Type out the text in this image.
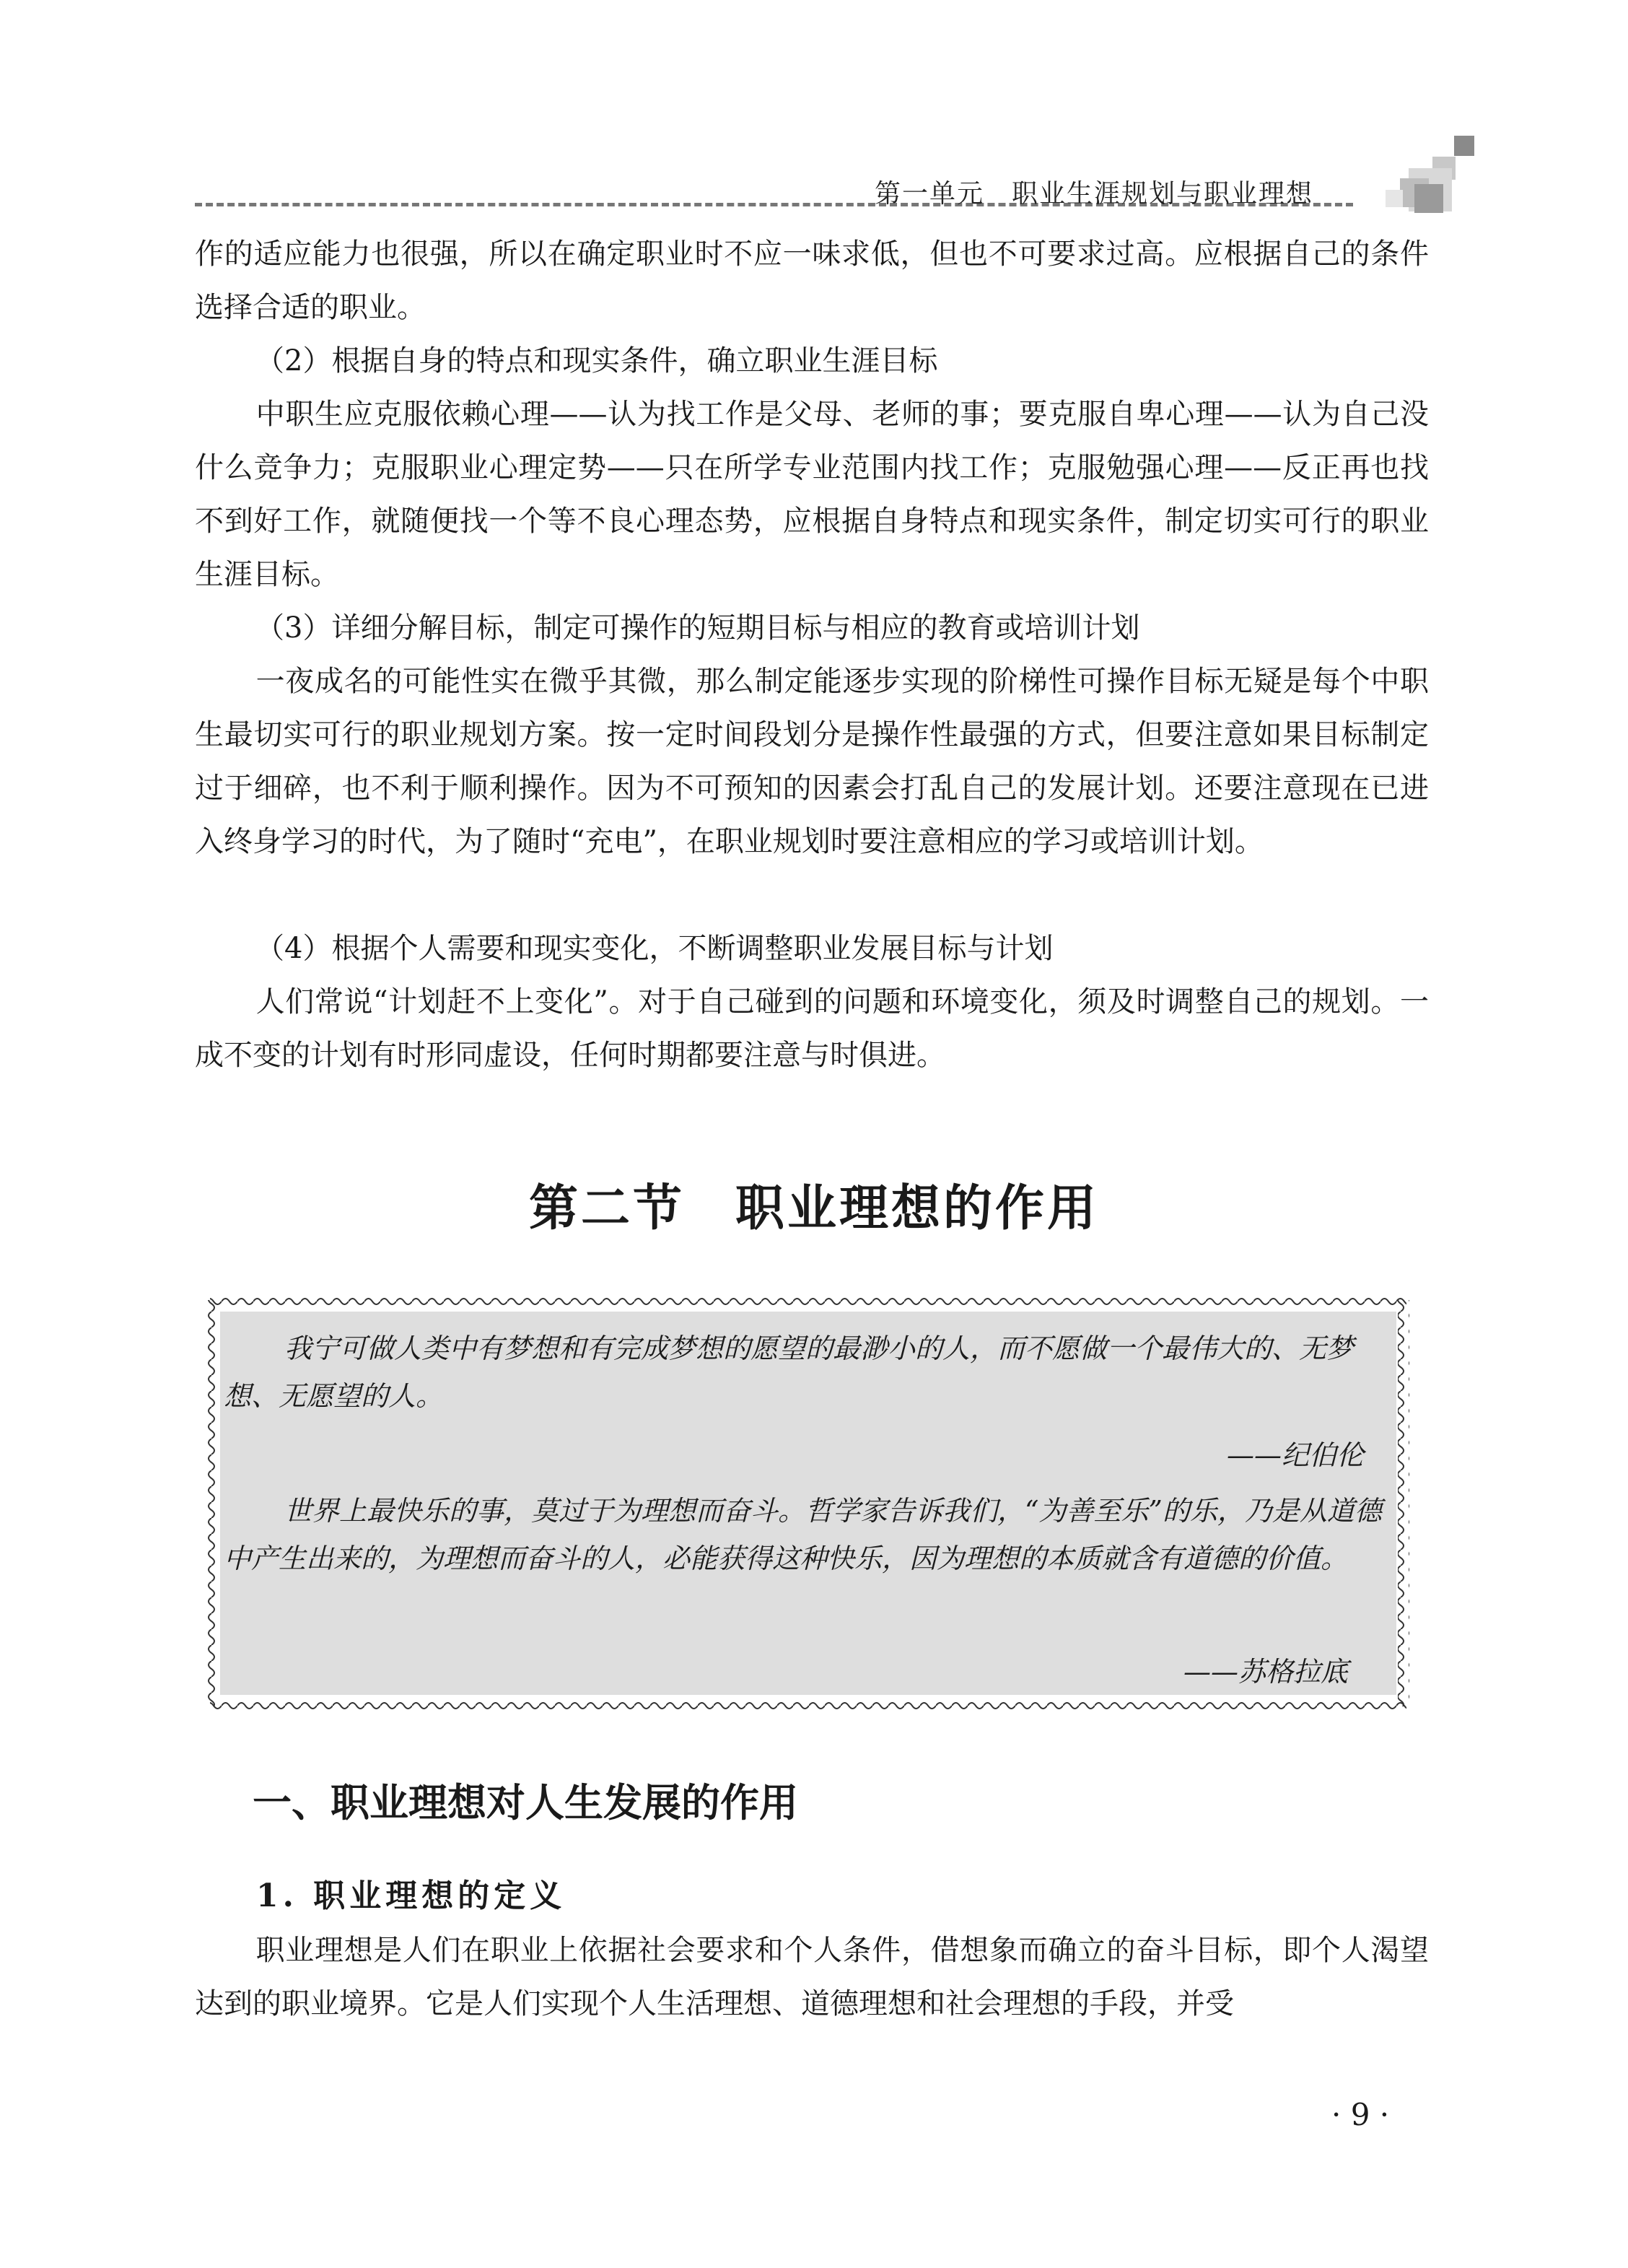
第一单元　职业生涯规划与职业理想
作的适应能力也很强，所以在确定职业时不应一味求低，但也不可要求过高。应根据自己的条件选择合适的职业。
（2）根据自身的特点和现实条件，确立职业生涯目标
中职生应克服依赖心理——认为找工作是父母、老师的事；要克服自卑心理——认为自己没什么竞争力；克服职业心理定势——只在所学专业范围内找工作；克服勉强心理——反正再也找不到好工作，就随便找一个等不良心理态势，应根据自身特点和现实条件，制定切实可行的职业生涯目标。
（3）详细分解目标，制定可操作的短期目标与相应的教育或培训计划
一夜成名的可能性实在微乎其微，那么制定能逐步实现的阶梯性可操作目标无疑是每个中职生最切实可行的职业规划方案。按一定时间段划分是操作性最强的方式，但要注意如果目标制定过于细碎，也不利于顺利操作。因为不可预知的因素会打乱自己的发展计划。还要注意现在已进入终身学习的时代，为了随时“充电”，在职业规划时要注意相应的学习或培训计划。
（4）根据个人需要和现实变化，不断调整职业发展目标与计划
人们常说“计划赶不上变化”。对于自己碰到的问题和环境变化，须及时调整自己的规划。一成不变的计划有时形同虚设，任何时期都要注意与时俱进。
第二节 职业理想的作用
我宁可做人类中有梦想和有完成梦想的愿望的最渺小的人，而不愿做一个最伟大的、无梦想、无愿望的人。
——纪伯伦
世界上最快乐的事，莫过于为理想而奋斗。哲学家告诉我们，“为善至乐”的乐，乃是从道德中产生出来的，为理想而奋斗的人，必能获得这种快乐，因为理想的本质就含有道德的价值。
——苏格拉底
一、职业理想对人生发展的作用
1. 职业理想的定义
职业理想是人们在职业上依据社会要求和个人条件，借想象而确立的奋斗目标，即个人渴望达到的职业境界。它是人们实现个人生活理想、道德理想和社会理想的手段，并受
· 9 ·
